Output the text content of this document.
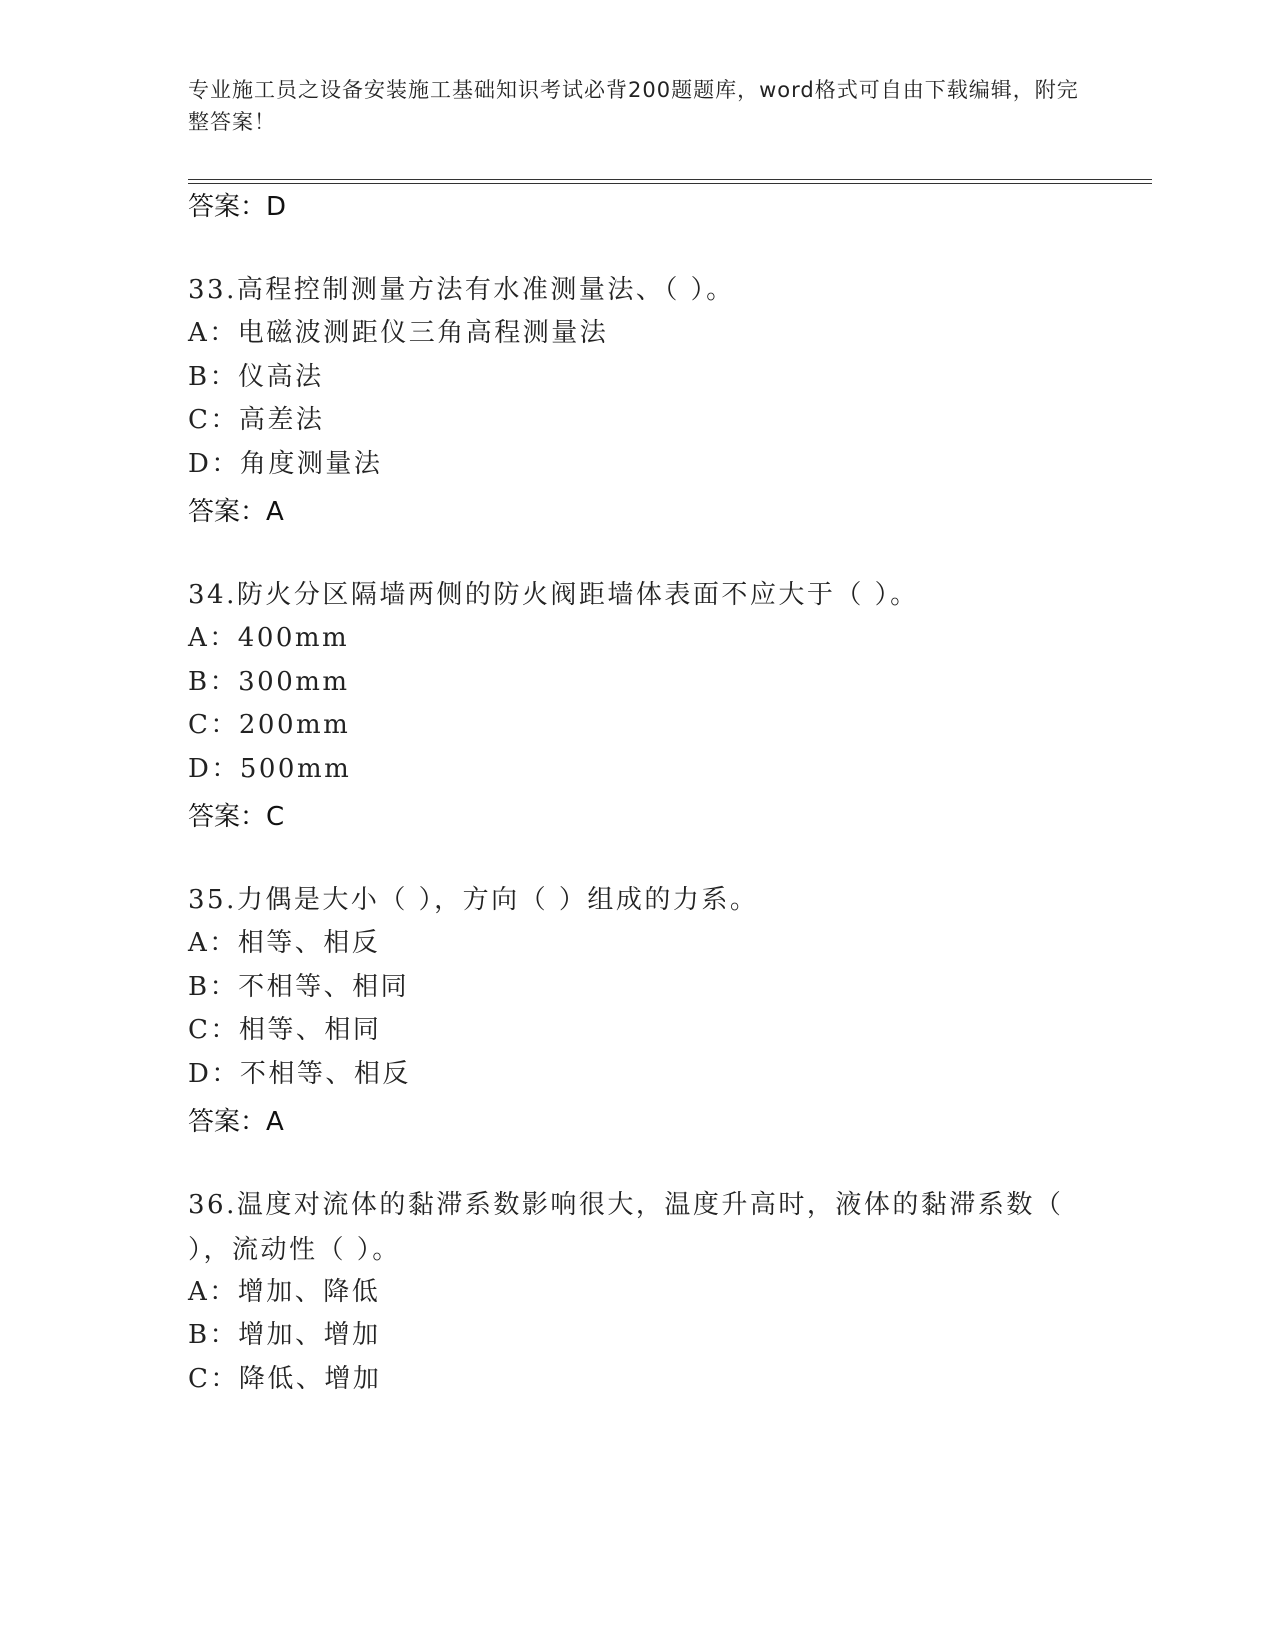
专业施工员之设备安装施工基础知识考试必背200题题库，word格式可自由下载编辑，附完整答案！
答案：D
33.高程控制测量方法有水准测量法、（ ）。
A：电磁波测距仪三角高程测量法
B：仪高法
C：高差法
D：角度测量法
答案：A
34.防火分区隔墙两侧的防火阀距墙体表面不应大于（ ）。
A：400mm
B：300mm
C：200mm
D：500mm
答案：C
35.力偶是大小（ ），方向（ ）组成的力系。
A：相等、相反
B：不相等、相同
C：相等、相同
D：不相等、相反
答案：A
36.温度对流体的黏滞系数影响很大，温度升高时，液体的黏滞系数（ ），流动性（ ）。
A：增加、降低
B：增加、增加
C：降低、增加
